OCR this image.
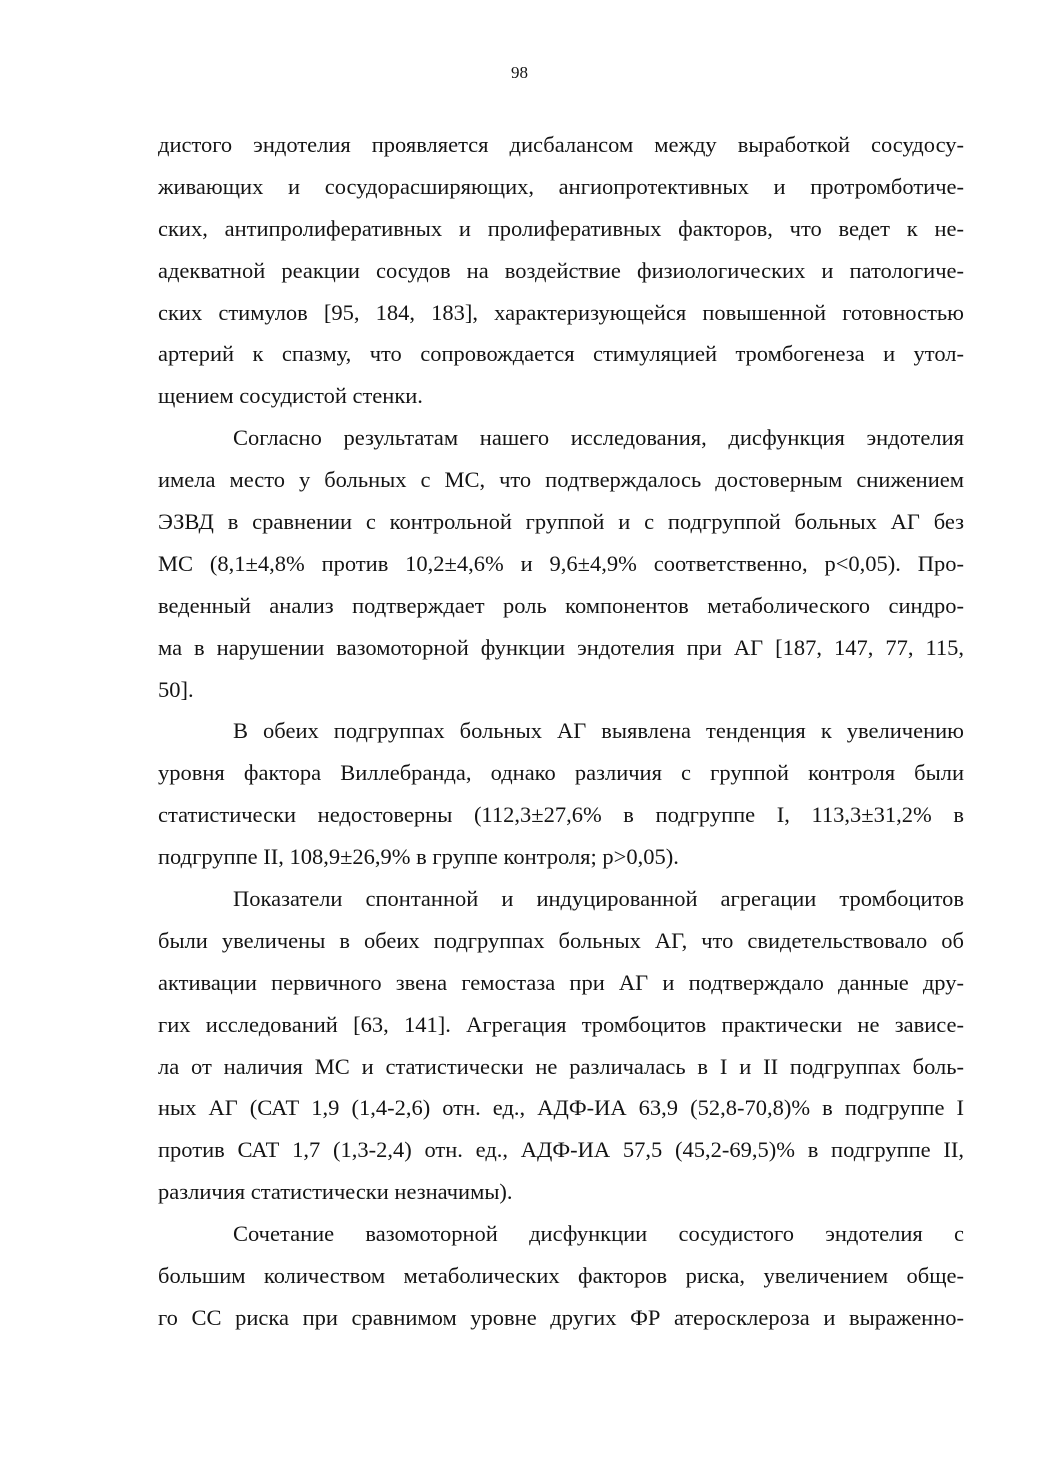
98
дистого эндотелия проявляется дисбалансом между выработкой сосудосу-
живающих и сосудорасширяющих, ангиопротективных и протромботиче-
ских, антипролиферативных и пролиферативных факторов, что ведет к не-
адекватной реакции сосудов на воздействие физиологических и патологиче-
ских стимулов [95, 184, 183], характеризующейся повышенной готовностью
артерий к спазму, что сопровождается стимуляцией тромбогенеза и утол-
щением сосудистой стенки.
Согласно результатам нашего исследования, дисфункция эндотелия
имела место у больных с МС, что подтверждалось достоверным снижением
ЭЗВД в сравнении с контрольной группой и с подгруппой больных АГ без
МС (8,1±4,8% против 10,2±4,6% и 9,6±4,9% соответственно, p<0,05). Про-
веденный анализ подтверждает роль компонентов метаболического синдро-
ма в нарушении вазомоторной функции эндотелия при АГ [187, 147, 77, 115,
50].
В обеих подгруппах больных АГ выявлена тенденция к увеличению
уровня фактора Виллебранда, однако различия с группой контроля были
статистически недостоверны (112,3±27,6% в подгруппе I, 113,3±31,2% в
подгруппе II, 108,9±26,9% в группе контроля; p>0,05).
Показатели спонтанной и индуцированной агрегации тромбоцитов
были увеличены в обеих подгруппах больных АГ, что свидетельствовало об
активации первичного звена гемостаза при АГ и подтверждало данные дру-
гих исследований [63, 141]. Агрегация тромбоцитов практически не зависе-
ла от наличия МС и статистически не различалась в I и II подгруппах боль-
ных АГ (САТ 1,9 (1,4-2,6) отн. ед., АДФ-ИА 63,9 (52,8-70,8)% в подгруппе I
против САТ 1,7 (1,3-2,4) отн. ед., АДФ-ИА 57,5 (45,2-69,5)% в подгруппе II,
различия статистически незначимы).
Сочетание вазомоторной дисфункции сосудистого эндотелия с
большим количеством метаболических факторов риска, увеличением обще-
го СС риска при сравнимом уровне других ФР атеросклероза и выраженно-
